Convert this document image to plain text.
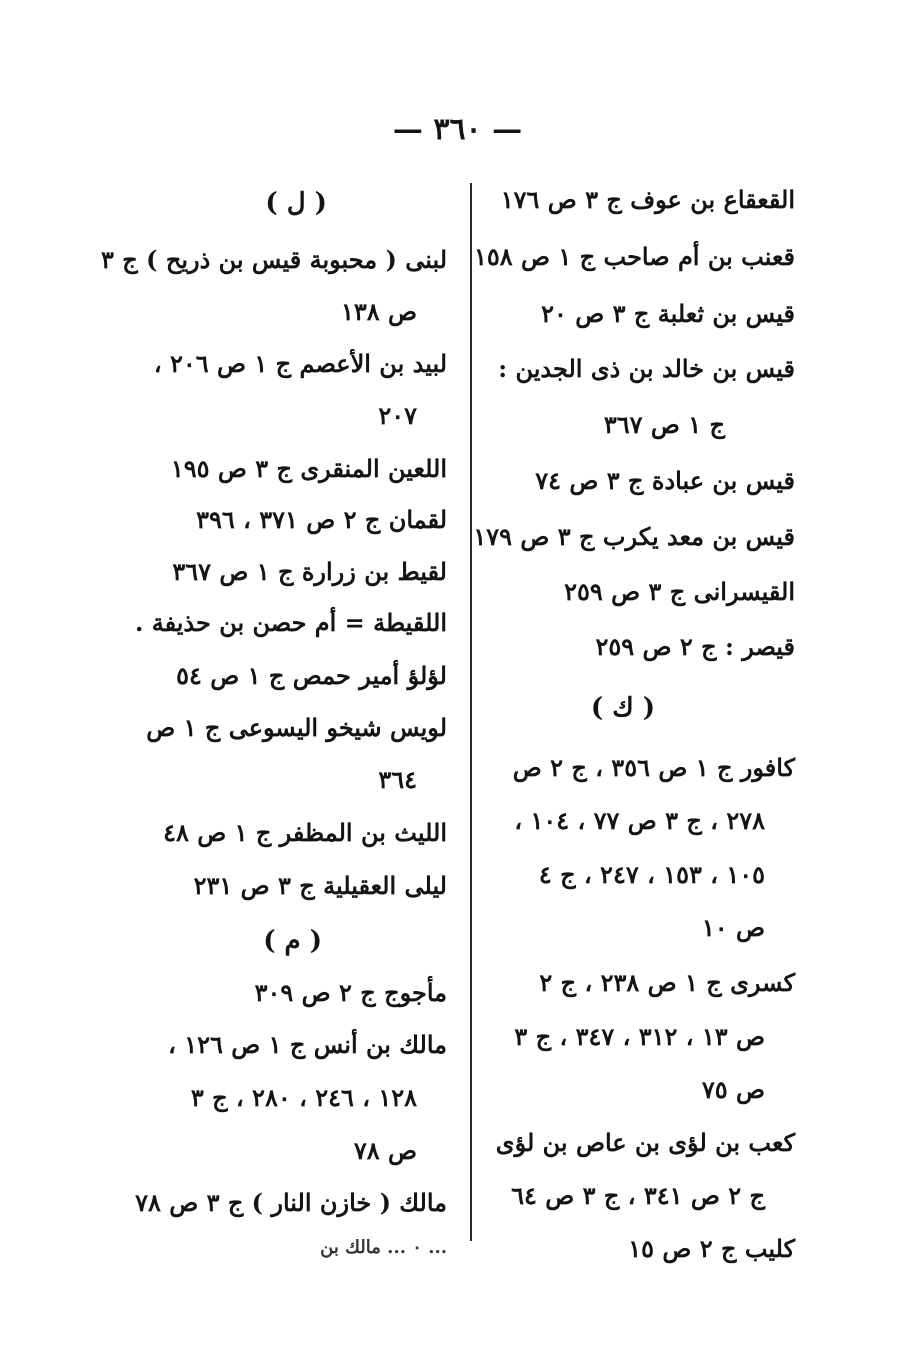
— ٣٦٠ —
القعقاع بن عوف ج ٣ ص ١٧٦
قعنب بن أم صاحب ج ١ ص ١٥٨
قيس بن ثعلبة ج ٣ ص ٢٠
قيس بن خالد بن ذى الجدين :
ج ١ ص ٣٦٧
قيس بن عبادة ج ٣ ص ٧٤
قيس بن معد يكرب ج ٣ ص ١٧٩
القيسرانى ج ٣ ص ٢٥٩
قيصر : ج ٢ ص ٢٥٩
( ك )
كافور ج ١ ص ٣٥٦ ، ج ٢ ص
٢٧٨ ، ج ٣ ص ٧٧ ، ١٠٤ ،
١٠٥ ، ١٥٣ ، ٢٤٧ ، ج ٤
ص ١٠
كسرى ج ١ ص ٢٣٨ ، ج ٢
ص ١٣ ، ٣١٢ ، ٣٤٧ ، ج ٣
ص ٧٥
كعب بن لؤى بن عاص بن لؤى
ج ٢ ص ٣٤١ ، ج ٣ ص ٦٤
كليب ج ٢ ص ١٥
( ل )
لبنى ( محبوبة قيس بن ذريح ) ج ٣
ص ١٣٨
لبيد بن الأعصم ج ١ ص ٢٠٦ ،
٢٠٧
اللعين المنقرى ج ٣ ص ١٩٥
لقمان ج ٢ ص ٣٧١ ، ٣٩٦
لقيط بن زرارة ج ١ ص ٣٦٧
اللقيطة = أم حصن بن حذيفة .
لؤلؤ أمير حمص ج ١ ص ٥٤
لويس شيخو اليسوعى ج ١ ص
٣٦٤
الليث بن المظفر ج ١ ص ٤٨
ليلى العقيلية ج ٣ ص ٢٣١
( م )
مأجوج ج ٢ ص ٣٠٩
مالك بن أنس ج ١ ص ١٢٦ ،
١٢٨ ، ٢٤٦ ، ٢٨٠ ، ج ٣
ص ٧٨
مالك ( خازن النار ) ج ٣ ص ٧٨
... ٠ ... مالك بن
